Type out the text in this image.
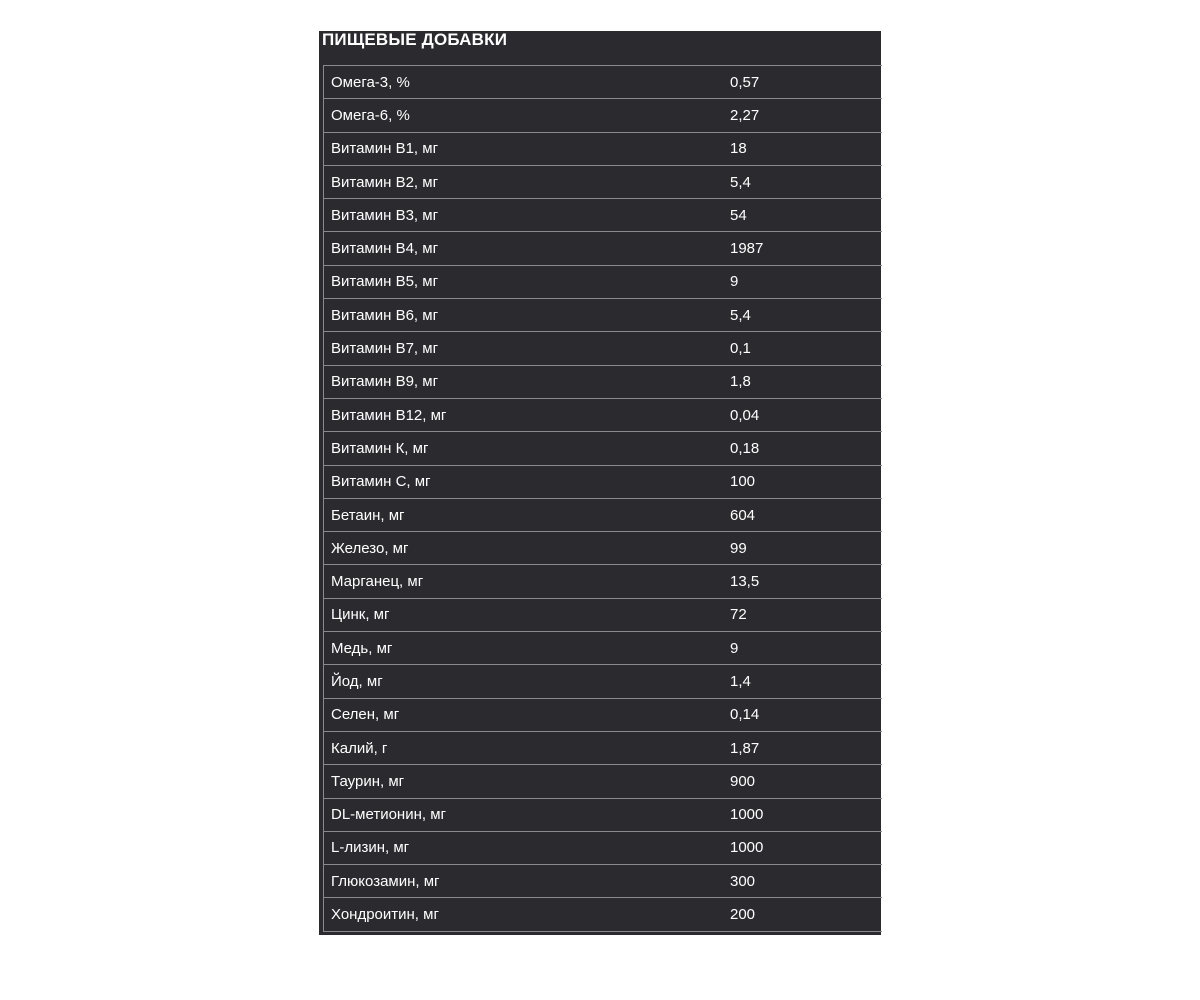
ПИЩЕВЫЕ ДОБАВКИ
Омега-3, %	0,57
Омега-6, %	2,27
Витамин В1, мг	18
Витамин В2, мг	5,4
Витамин В3, мг	54
Витамин В4, мг	1987
Витамин В5, мг	9
Витамин В6, мг	5,4
Витамин В7, мг	0,1
Витамин В9, мг	1,8
Витамин В12, мг	0,04
Витамин К, мг	0,18
Витамин С, мг	100
Бетаин, мг	604
Железо, мг	99
Марганец, мг	13,5
Цинк, мг	72
Медь, мг	9
Йод, мг	1,4
Селен, мг	0,14
Калий, г	1,87
Таурин, мг	900
DL-метионин, мг	1000
L-лизин, мг	1000
Глюкозамин, мг	300
Хондроитин, мг	200
